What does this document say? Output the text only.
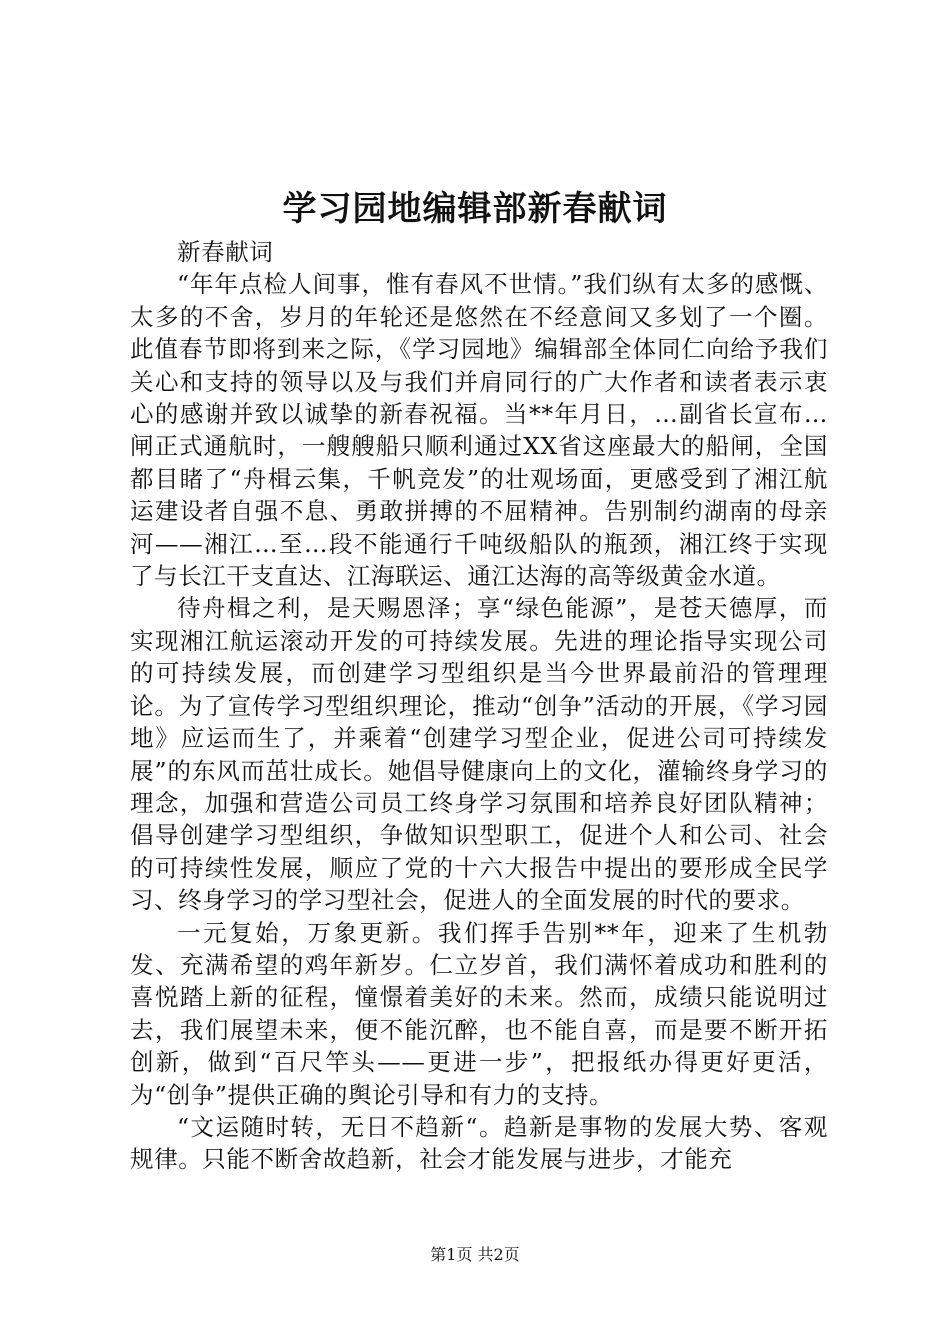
学习园地编辑部新春献词

新春献词

“年年点检人间事，惟有春风不世情。”我们纵有太多的感慨、太多的不舍，岁月的年轮还是悠然在不经意间又多划了一个圈。此值春节即将到来之际，《学习园地》编辑部全体同仁向给予我们关心和支持的领导以及与我们并肩同行的广大作者和读者表示衷心的感谢并致以诚挚的新春祝福。当**年月日，…副省长宣布…闸正式通航时，一艘艘船只顺利通过XX省这座最大的船闸，全国都目睹了“舟楫云集，千帆竞发”的壮观场面，更感受到了湘江航运建设者自强不息、勇敢拼搏的不屈精神。告别制约湖南的母亲河——湘江…至…段不能通行千吨级船队的瓶颈，湘江终于实现了与长江干支直达、江海联运、通江达海的高等级黄金水道。

待舟楫之利，是天赐恩泽；享“绿色能源”，是苍天德厚，而实现湘江航运滚动开发的可持续发展。先进的理论指导实现公司的可持续发展，而创建学习型组织是当今世界最前沿的管理理论。为了宣传学习型组织理论，推动“创争”活动的开展，《学习园地》应运而生了，并乘着“创建学习型企业，促进公司可持续发展”的东风而茁壮成长。她倡导健康向上的文化，灌输终身学习的理念，加强和营造公司员工终身学习氛围和培养良好团队精神；倡导创建学习型组织，争做知识型职工，促进个人和公司、社会的可持续性发展，顺应了党的十六大报告中提出的要形成全民学习、终身学习的学习型社会，促进人的全面发展的时代的要求。

一元复始，万象更新。我们挥手告别**年，迎来了生机勃发、充满希望的鸡年新岁。仁立岁首，我们满怀着成功和胜利的喜悦踏上新的征程，憧憬着美好的未来。然而，成绩只能说明过去，我们展望未来，便不能沉醉，也不能自喜，而是要不断开拓创新，做到“百尺竿头——更进一步”，把报纸办得更好更活，为“创争”提供正确的舆论引导和有力的支持。

“文运随时转，无日不趋新“。趋新是事物的发展大势、客观规律。只能不断舍故趋新，社会才能发展与进步，才能充

第1页 共2页
